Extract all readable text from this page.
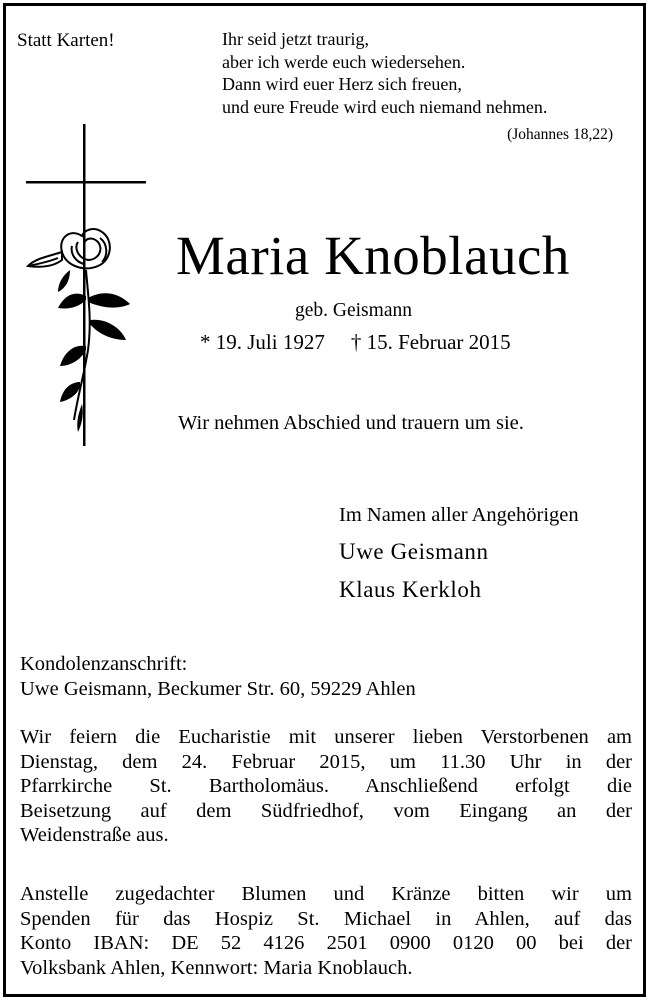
Statt Karten!	Ihr seid jetzt traurig,
aber ich werde euch wiedersehen.
Dann wird euer Herz sich freuen,
und eure Freude wird euch niemand nehmen.
(Johannes 18,22)
Maria Knoblauch
geb. Geismann
* 19. Juli 1927 † 15. Februar 2015
Wir nehmen Abschied und trauern um sie.
Im Namen aller Angehörigen
Uwe Geismann
Klaus Kerkloh
Kondolenzanschrift:
Uwe Geismann, Beckumer Str. 60, 59229 Ahlen
Wir feiern die Eucharistie mit unserer lieben Verstorbenen am
Dienstag, dem 24. Februar 2015, um 11.30 Uhr in der
Pfarrkirche St. Bartholomäus. Anschließend erfolgt die
Beisetzung auf dem Südfriedhof, vom Eingang an der
Weidenstraße aus.
Anstelle zugedachter Blumen und Kränze bitten wir um
Spenden für das Hospiz St. Michael in Ahlen, auf das
Konto IBAN: DE 52 4126 2501 0900 0120 00 bei der
Volksbank Ahlen, Kennwort: Maria Knoblauch.
